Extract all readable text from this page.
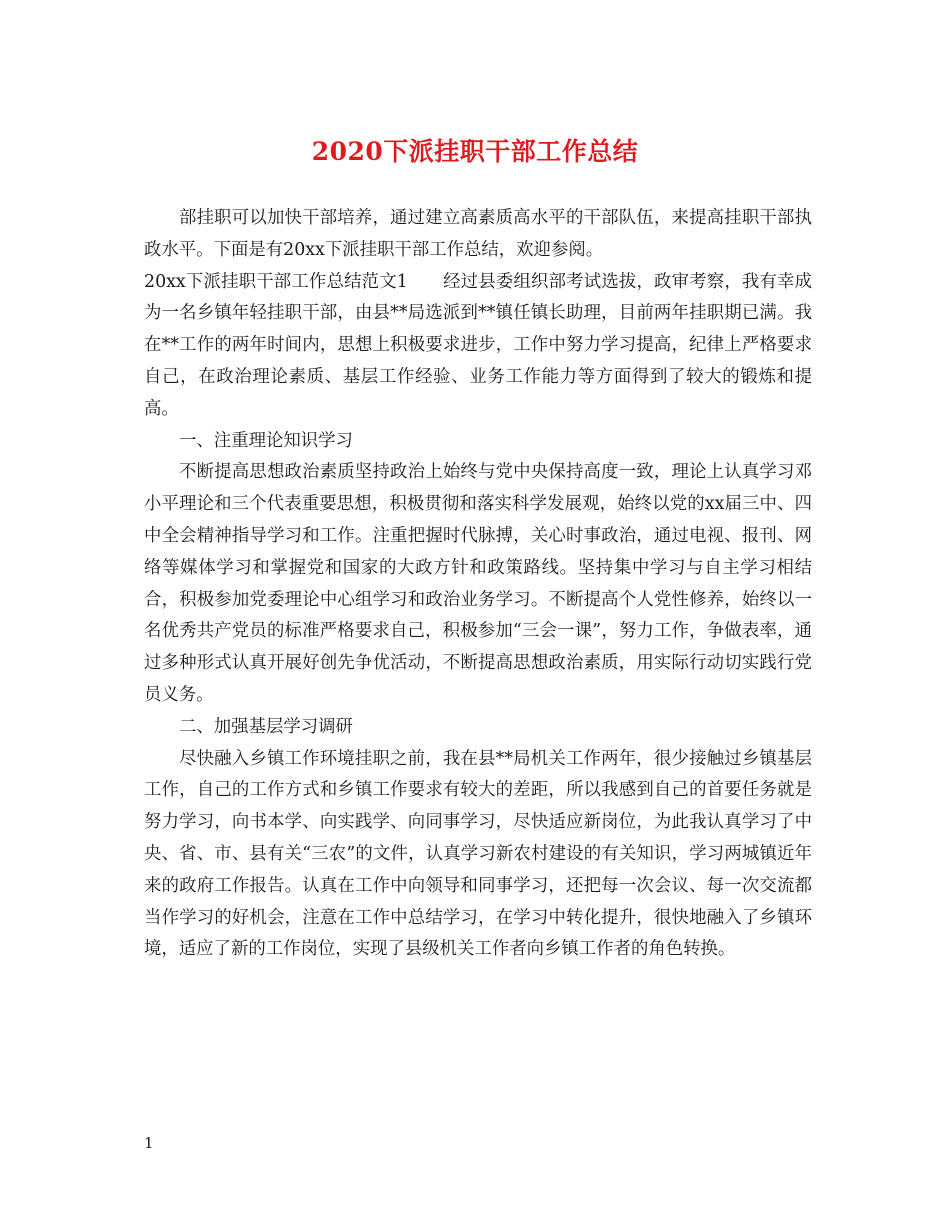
2020下派挂职干部工作总结

部挂职可以加快干部培养，通过建立高素质高水平的干部队伍，来提高挂职干部执政水平。下面是有20xx下派挂职干部工作总结，欢迎参阅。

20xx下派挂职干部工作总结范文1　　经过县委组织部考试选拔，政审考察，我有幸成为一名乡镇年轻挂职干部，由县**局选派到**镇任镇长助理，目前两年挂职期已满。我在**工作的两年时间内，思想上积极要求进步，工作中努力学习提高，纪律上严格要求自己，在政治理论素质、基层工作经验、业务工作能力等方面得到了较大的锻炼和提高。

一、注重理论知识学习

不断提高思想政治素质坚持政治上始终与党中央保持高度一致，理论上认真学习邓小平理论和三个代表重要思想，积极贯彻和落实科学发展观，始终以党的xx届三中、四中全会精神指导学习和工作。注重把握时代脉搏，关心时事政治，通过电视、报刊、网络等媒体学习和掌握党和国家的大政方针和政策路线。坚持集中学习与自主学习相结合，积极参加党委理论中心组学习和政治业务学习。不断提高个人党性修养，始终以一名优秀共产党员的标准严格要求自己，积极参加“三会一课”，努力工作，争做表率，通过多种形式认真开展好创先争优活动，不断提高思想政治素质，用实际行动切实践行党员义务。

二、加强基层学习调研

尽快融入乡镇工作环境挂职之前，我在县**局机关工作两年，很少接触过乡镇基层工作，自己的工作方式和乡镇工作要求有较大的差距，所以我感到自己的首要任务就是努力学习，向书本学、向实践学、向同事学习，尽快适应新岗位，为此我认真学习了中央、省、市、县有关“三农”的文件，认真学习新农村建设的有关知识，学习两城镇近年来的政府工作报告。认真在工作中向领导和同事学习，还把每一次会议、每一次交流都当作学习的好机会，注意在工作中总结学习，在学习中转化提升，很快地融入了乡镇环境，适应了新的工作岗位，实现了县级机关工作者向乡镇工作者的角色转换。

1
